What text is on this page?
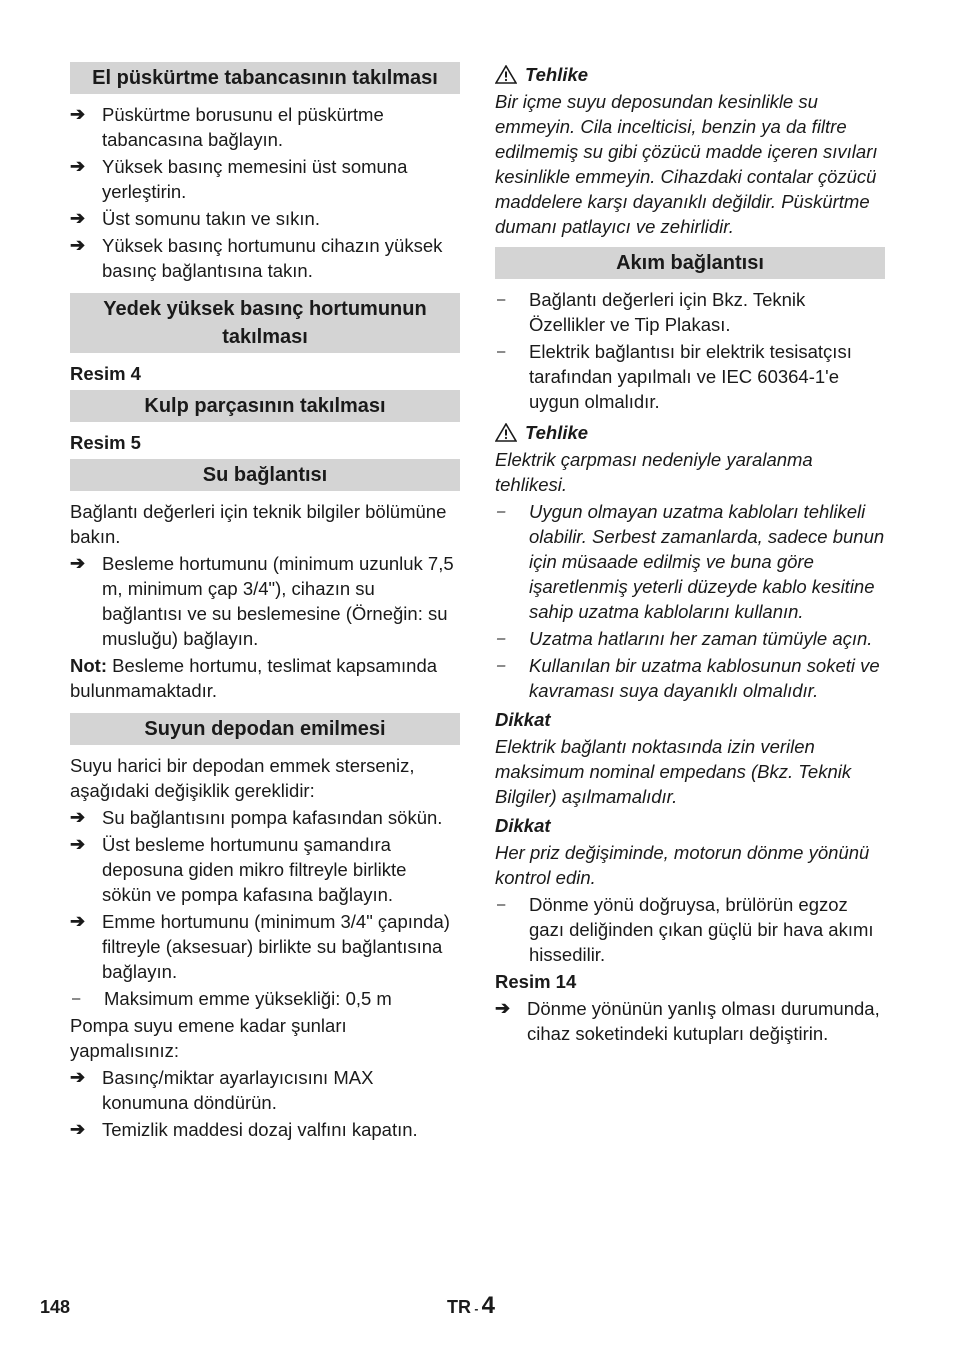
El püskürtme tabancasının takılması
➔ Püskürtme borusunu el püskürtme tabancasına bağlayın.
➔ Yüksek basınç memesini üst somuna yerleştirin.
➔ Üst somunu takın ve sıkın.
➔ Yüksek basınç hortumunu cihazın yüksek basınç bağlantısına takın.
Yedek yüksek basınç hortumunun takılması
Resim 4
Kulp parçasının takılması
Resim 5
Su bağlantısı
Bağlantı değerleri için teknik bilgiler bölümüne bakın.
➔ Besleme hortumunu (minimum uzunluk 7,5 m, minimum çap 3/4"), cihazın su bağlantısı ve su beslemesine (Örneğin: su musluğu) bağlayın.
Not: Besleme hortumu, teslimat kapsamında bulunmamaktadır.
Suyun depodan emilmesi
Suyu harici bir depodan emmek sterseniz, aşağıdaki değişiklik gereklidir:
➔ Su bağlantısını pompa kafasından sökün.
➔ Üst besleme hortumunu şamandıra deposuna giden mikro filtreyle birlikte sökün ve pompa kafasına bağlayın.
➔ Emme hortumunu (minimum 3/4" çapında) filtreyle (aksesuar) birlikte su bağlantısına bağlayın.
–	Maksimum emme yüksekliği: 0,5 m
Pompa suyu emene kadar şunları yapmalısınız:
➔ Basınç/miktar ayarlayıcısını MAX konumuna döndürün.
➔ Temizlik maddesi dozaj valfını kapatın.
Tehlike
Bir içme suyu deposundan kesinlikle su emmeyin. Cila incelticisi, benzin ya da filtre edilmemiş su gibi çözücü madde içeren sıvıları kesinlikle emmeyin. Cihazdaki contalar çözücü maddelere karşı dayanıklı değildir. Püskürtme dumanı patlayıcı ve zehirlidir.
Akım bağlantısı
–	Bağlantı değerleri için Bkz. Teknik Özellikler ve Tip Plakası.
–	Elektrik bağlantısı bir elektrik tesisatçısı tarafından yapılmalı ve IEC 60364-1'e uygun olmalıdır.
Tehlike
Elektrik çarpması nedeniyle yaralanma tehlikesi.
–	Uygun olmayan uzatma kabloları tehlikeli olabilir. Serbest zamanlarda, sadece bunun için müsaade edilmiş ve buna göre işaretlenmiş yeterli düzeyde kablo kesitine sahip uzatma kablolarını kullanın.
–	Uzatma hatlarını her zaman tümüyle açın.
–	Kullanılan bir uzatma kablosunun soketi ve kavraması suya dayanıklı olmalıdır.
Dikkat
Elektrik bağlantı noktasında izin verilen maksimum nominal empedans (Bkz. Teknik Bilgiler) aşılmamalıdır.
Dikkat
Her priz değişiminde, motorun dönme yönünü kontrol edin.
–	Dönme yönü doğruysa, brülörün egzoz gazı deliğinden çıkan güçlü bir hava akımı hissedilir.
Resim 14
➔ Dönme yönünün yanlış olması durumunda, cihaz soketindeki kutupları değiştirin.
148	TR - 4
